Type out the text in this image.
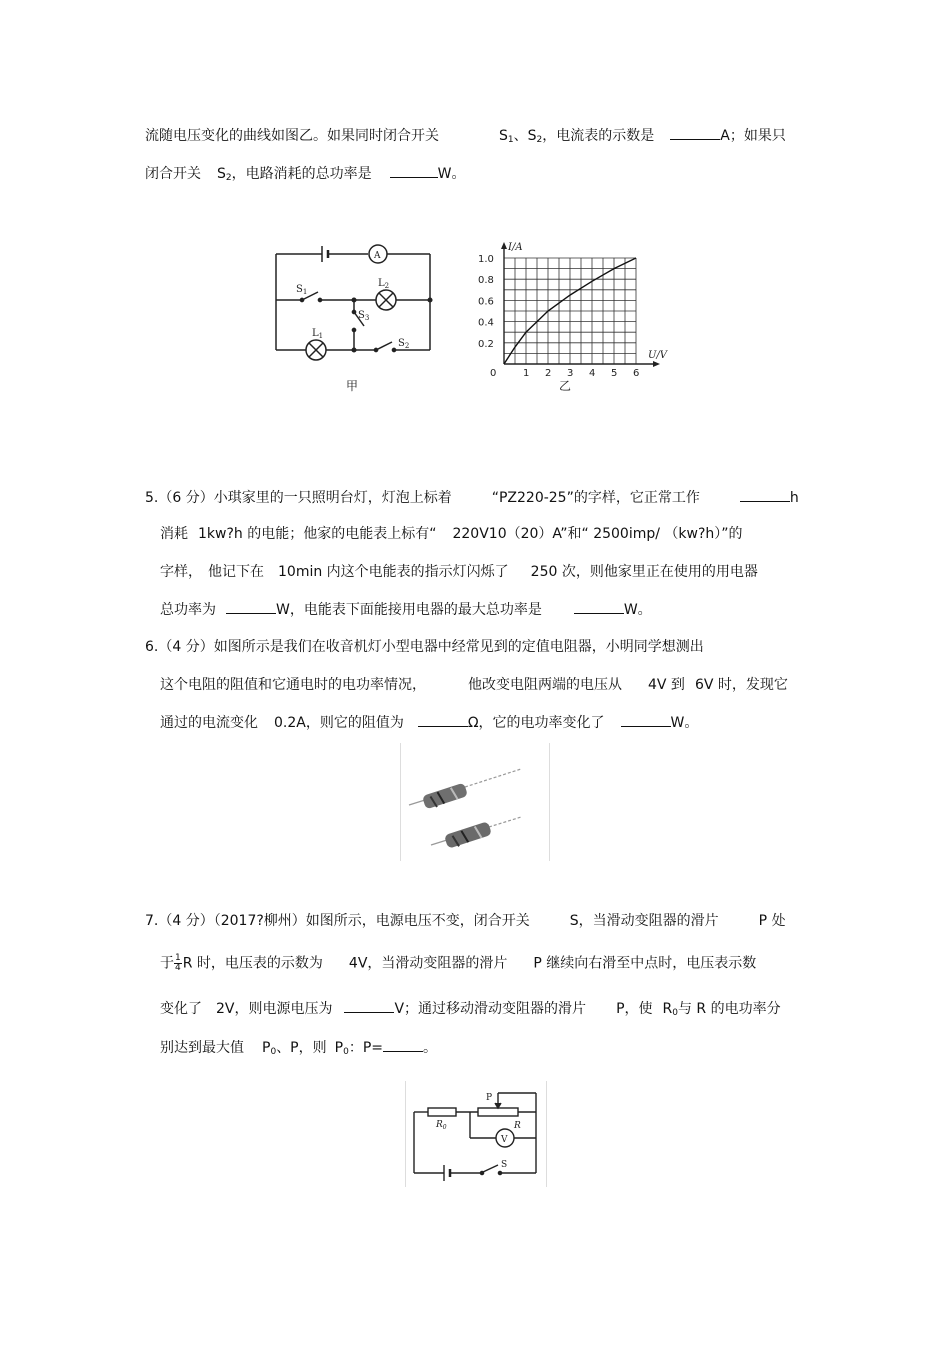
流随电压变化的曲线如图乙。如果同时闭合开关	$S_1$、$S_2$，电流表的示数是	A；如果只
闭合开关 $S_2$，电路消耗的总功率是	W。
A
$S_1$
$L_2$
$S_3$
$L_1$
$S_2$
甲
0	1 2 3 4 5 6
0.2
0.4
0.6
0.8
1.0
U/V
I/A
乙
5.（6 分）小琪家里的一只照明台灯，灯泡上标着	“PZ220-25”的字样，它正常工作	h
消耗 1kw?h 的电能；他家的电能表上标有“ 220V10（20）A”和“ 2500imp/ （kw?h）”的
字样， 他记下在 10min 内这个电能表的指示灯闪烁了 250 次，则他家里正在使用的用电器
总功率为	W，电能表下面能接用电器的最大总功率是	W。
6.（4 分）如图所示是我们在收音机灯小型电器中经常见到的定值电阻器，小明同学想测出
这个电阻的阻值和它通电时的电功率情况，	他改变电阻两端的电压从 4V 到 6V 时，发现它
通过的电流变化 0.2A，则它的阻值为	Ω，它的电功率变化了	W。
7.（4 分）（2017?柳州）如图所示，电源电压不变，闭合开关	S，当滑动变阻器的滑片	P 处
于 $\frac{1}{4}$ R 时，电压表的示数为 4V，当滑动变阻器的滑片 P 继续向右滑至中点时，电压表示数
变化了 2V，则电源电压为	V；通过移动滑动变阻器的滑片 P，使 $R_0$与 R 的电功率分
别达到最大值 $P_0$、P，则 $P_0$：P=	。
P
$R_0$	R
V
S
